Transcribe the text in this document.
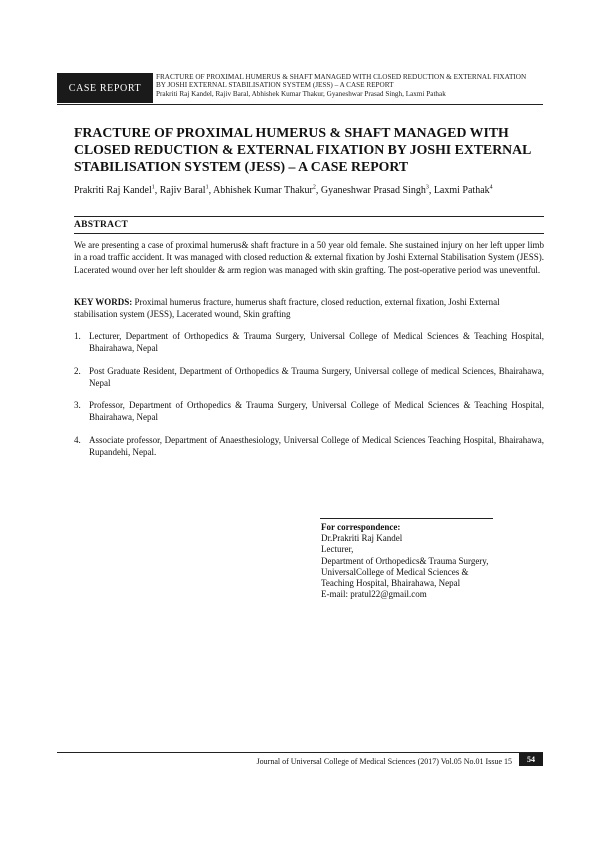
CASE REPORT
FRACTURE OF PROXIMAL HUMERUS & SHAFT MANAGED WITH CLOSED REDUCTION & EXTERNAL FIXATION
BY JOSHI EXTERNAL STABILISATION SYSTEM (JESS) – A CASE REPORT
Prakriti Raj Kandel, Rajiv Baral, Abhishek Kumar Thakur, Gyaneshwar Prasad Singh, Laxmi Pathak
FRACTURE OF PROXIMAL HUMERUS & SHAFT MANAGED WITH CLOSED REDUCTION & EXTERNAL FIXATION BY JOSHI EXTERNAL STABILISATION SYSTEM (JESS) – A CASE REPORT
Prakriti Raj Kandel$^1$, Rajiv Baral$^1$, Abhishek Kumar Thakur$^2$, Gyaneshwar Prasad Singh$^3$, Laxmi Pathak$^4$
ABSTRACT
We are presenting a case of proximal humerus& shaft fracture in a 50 year old female. She sustained injury on her left upper limb in a road traffic accident. It was managed with closed reduction & external fixation by Joshi External Stabilisation System (JESS). Lacerated wound over her left shoulder & arm region was managed with skin grafting. The post-operative period was uneventful.
KEY WORDS: Proximal humerus fracture, humerus shaft fracture, closed reduction, external fixation, Joshi External stabilisation system (JESS), Lacerated wound, Skin grafting
1. Lecturer, Department of Orthopedics & Trauma Surgery, Universal College of Medical Sciences & Teaching Hospital, Bhairahawa, Nepal
2. Post Graduate Resident, Department of Orthopedics & Trauma Surgery, Universal college of medical Sciences, Bhairahawa, Nepal
3. Professor, Department of Orthopedics & Trauma Surgery, Universal College of Medical Sciences & Teaching Hospital, Bhairahawa, Nepal
4. Associate professor, Department of Anaesthesiology, Universal College of Medical Sciences Teaching Hospital, Bhairahawa, Rupandehi, Nepal.
For correspondence:
Dr.Prakriti Raj Kandel
Lecturer,
Department of Orthopedics& Trauma Surgery,
UniversalCollege of Medical Sciences &
Teaching Hospital, Bhairahawa, Nepal
E-mail: pratul22@gmail.com
Journal of Universal College of Medical Sciences (2017) Vol.05 No.01 Issue 15	54
